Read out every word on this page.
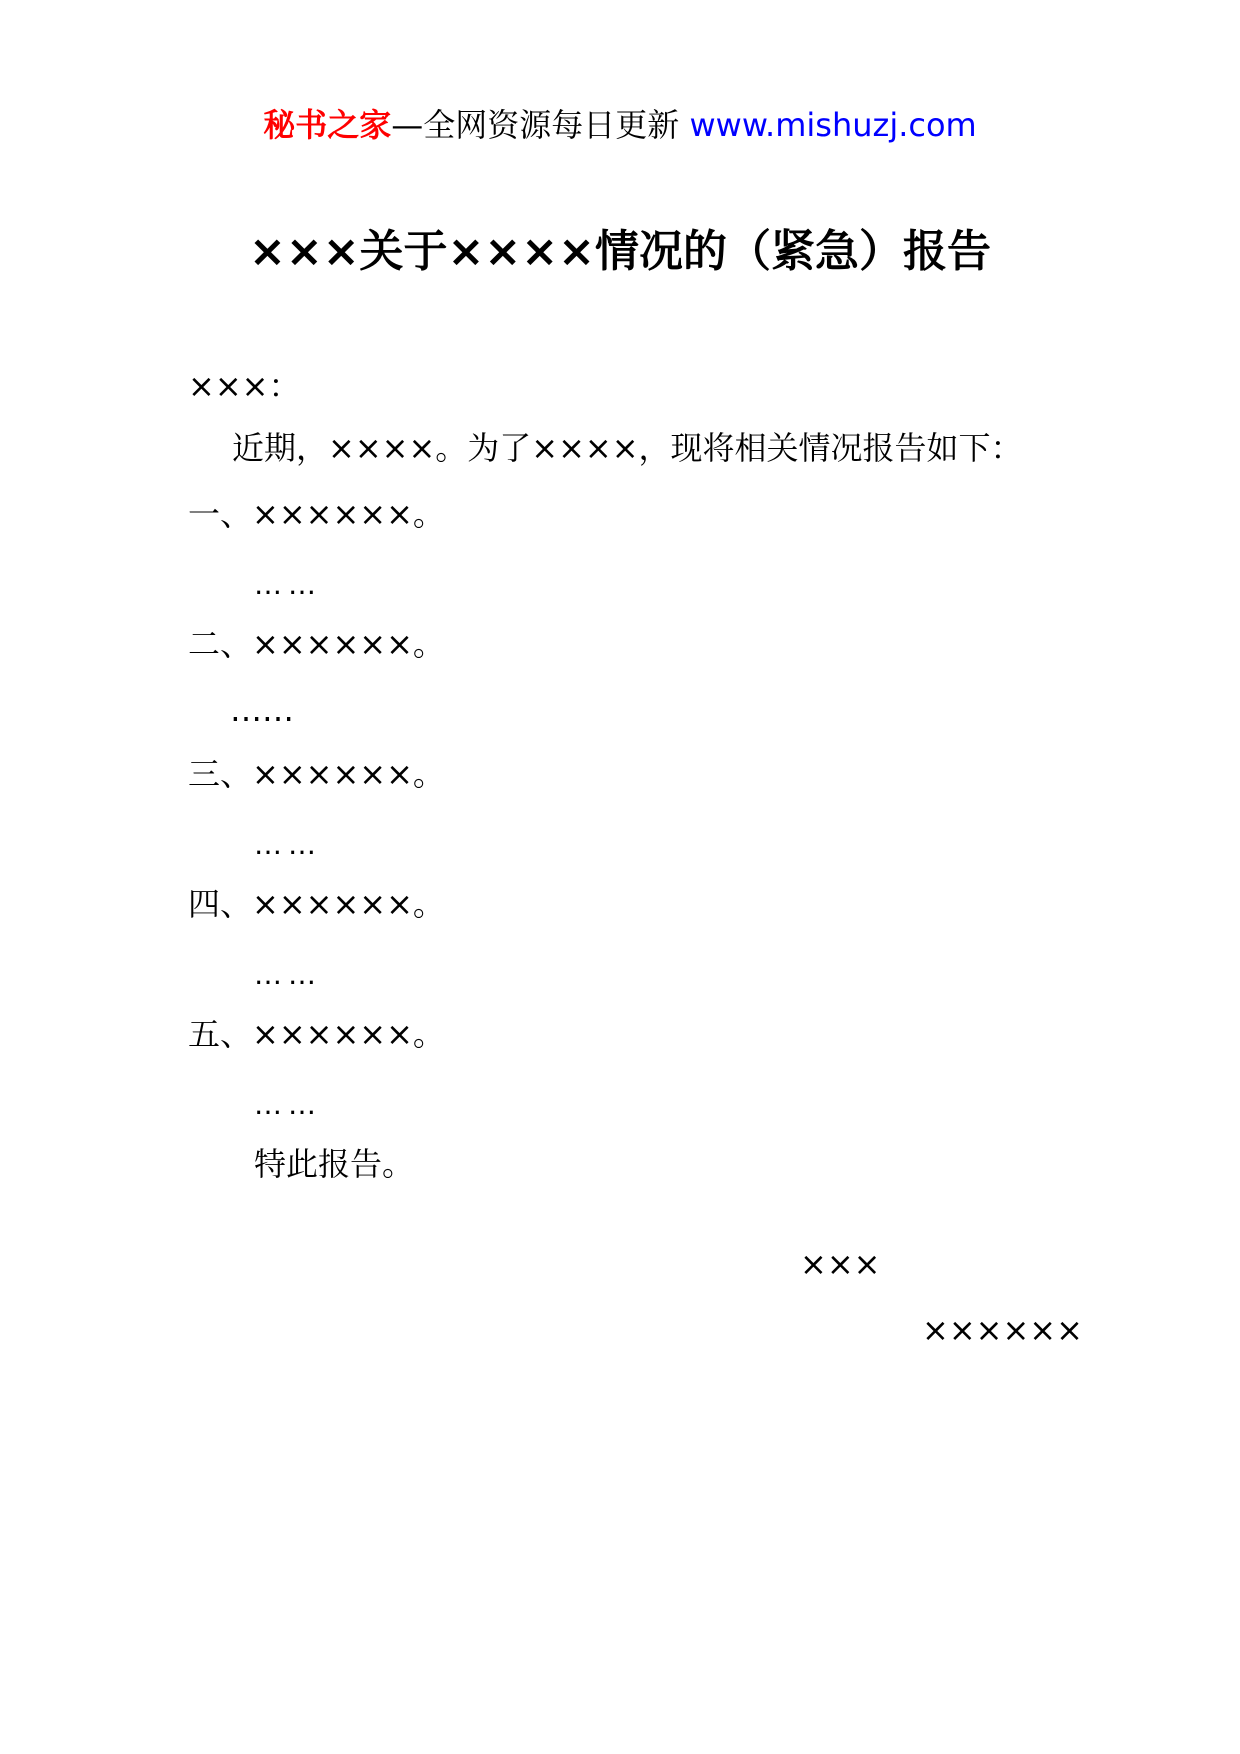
秘书之家—全网资源每日更新 www.mishuzj.com
×××关于××××情况的（紧急）报告
×××：
近期，××××。为了××××，现将相关情况报告如下：
一、××××××。
……
二、××××××。
……
三、××××××。
……
四、××××××。
……
五、××××××。
……
特此报告。
×××
××××××
